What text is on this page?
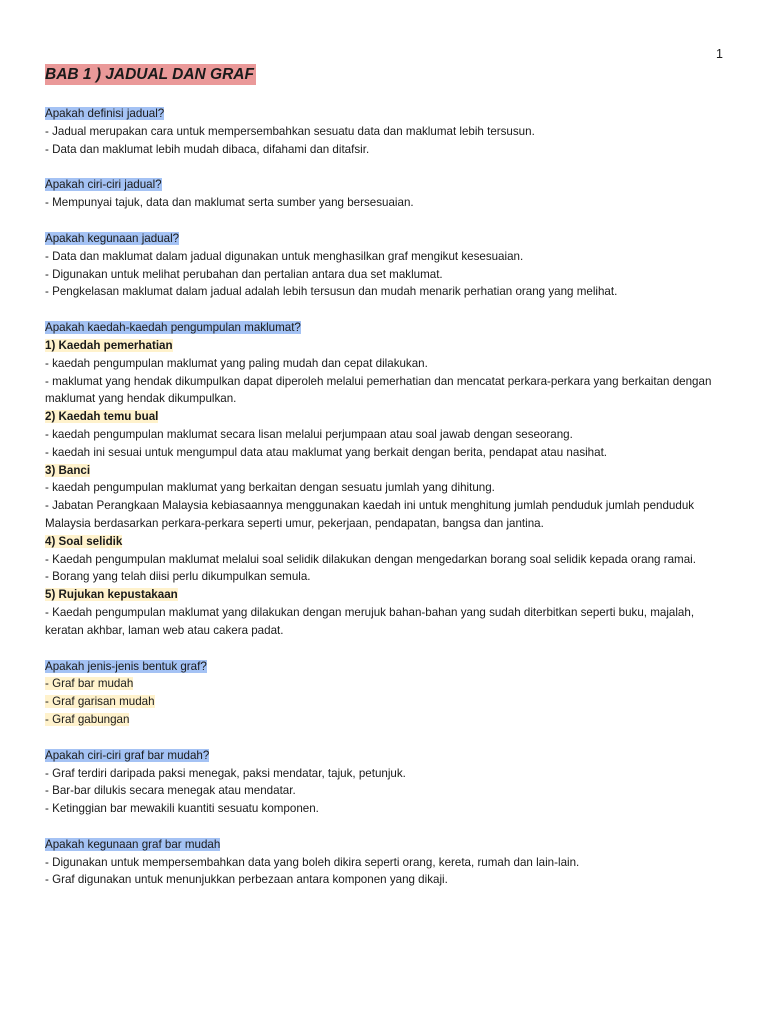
1
BAB 1 ) JADUAL DAN GRAF
Apakah definisi jadual?
- Jadual merupakan cara untuk mempersembahkan sesuatu data dan maklumat lebih tersusun.
- Data dan maklumat lebih mudah dibaca, difahami dan ditafsir.
Apakah ciri-ciri jadual?
- Mempunyai tajuk, data dan maklumat serta sumber yang bersesuaian.
Apakah kegunaan jadual?
- Data dan maklumat dalam jadual digunakan untuk menghasilkan graf mengikut kesesuaian.
- Digunakan untuk melihat perubahan dan pertalian antara dua set maklumat.
- Pengkelasan maklumat dalam jadual adalah lebih tersusun dan mudah menarik perhatian orang yang melihat.
Apakah kaedah-kaedah pengumpulan maklumat?
1) Kaedah pemerhatian
- kaedah pengumpulan maklumat yang paling mudah dan cepat dilakukan.
- maklumat yang hendak dikumpulkan dapat diperoleh melalui pemerhatian dan mencatat perkara-perkara yang berkaitan dengan maklumat yang hendak dikumpulkan.
2) Kaedah temu bual
- kaedah pengumpulan maklumat secara lisan melalui perjumpaan atau soal jawab dengan seseorang.
- kaedah ini sesuai untuk mengumpul data atau maklumat yang berkait dengan berita, pendapat atau nasihat.
3) Banci
- kaedah pengumpulan maklumat yang berkaitan dengan sesuatu jumlah yang dihitung.
- Jabatan Perangkaan Malaysia kebiasaannya menggunakan kaedah ini untuk menghitung jumlah penduduk jumlah penduduk Malaysia berdasarkan perkara-perkara seperti umur, pekerjaan, pendapatan, bangsa dan jantina.
4) Soal selidik
- Kaedah pengumpulan maklumat melalui soal selidik dilakukan dengan mengedarkan borang soal selidik kepada orang ramai.
- Borang yang telah diisi perlu dikumpulkan semula.
5) Rujukan kepustakaan
- Kaedah pengumpulan maklumat yang dilakukan dengan merujuk bahan-bahan yang sudah diterbitkan seperti buku, majalah, keratan akhbar, laman web atau cakera padat.
Apakah jenis-jenis bentuk graf?
- Graf bar mudah
- Graf garisan mudah
- Graf gabungan
Apakah ciri-ciri graf bar mudah?
- Graf terdiri daripada paksi menegak, paksi mendatar, tajuk, petunjuk.
- Bar-bar dilukis secara menegak atau mendatar.
- Ketinggian bar mewakili kuantiti sesuatu komponen.
Apakah kegunaan graf bar mudah
- Digunakan untuk mempersembahkan data yang boleh dikira seperti orang, kereta, rumah dan lain-lain.
- Graf digunakan untuk menunjukkan perbezaan antara komponen yang dikaji.
